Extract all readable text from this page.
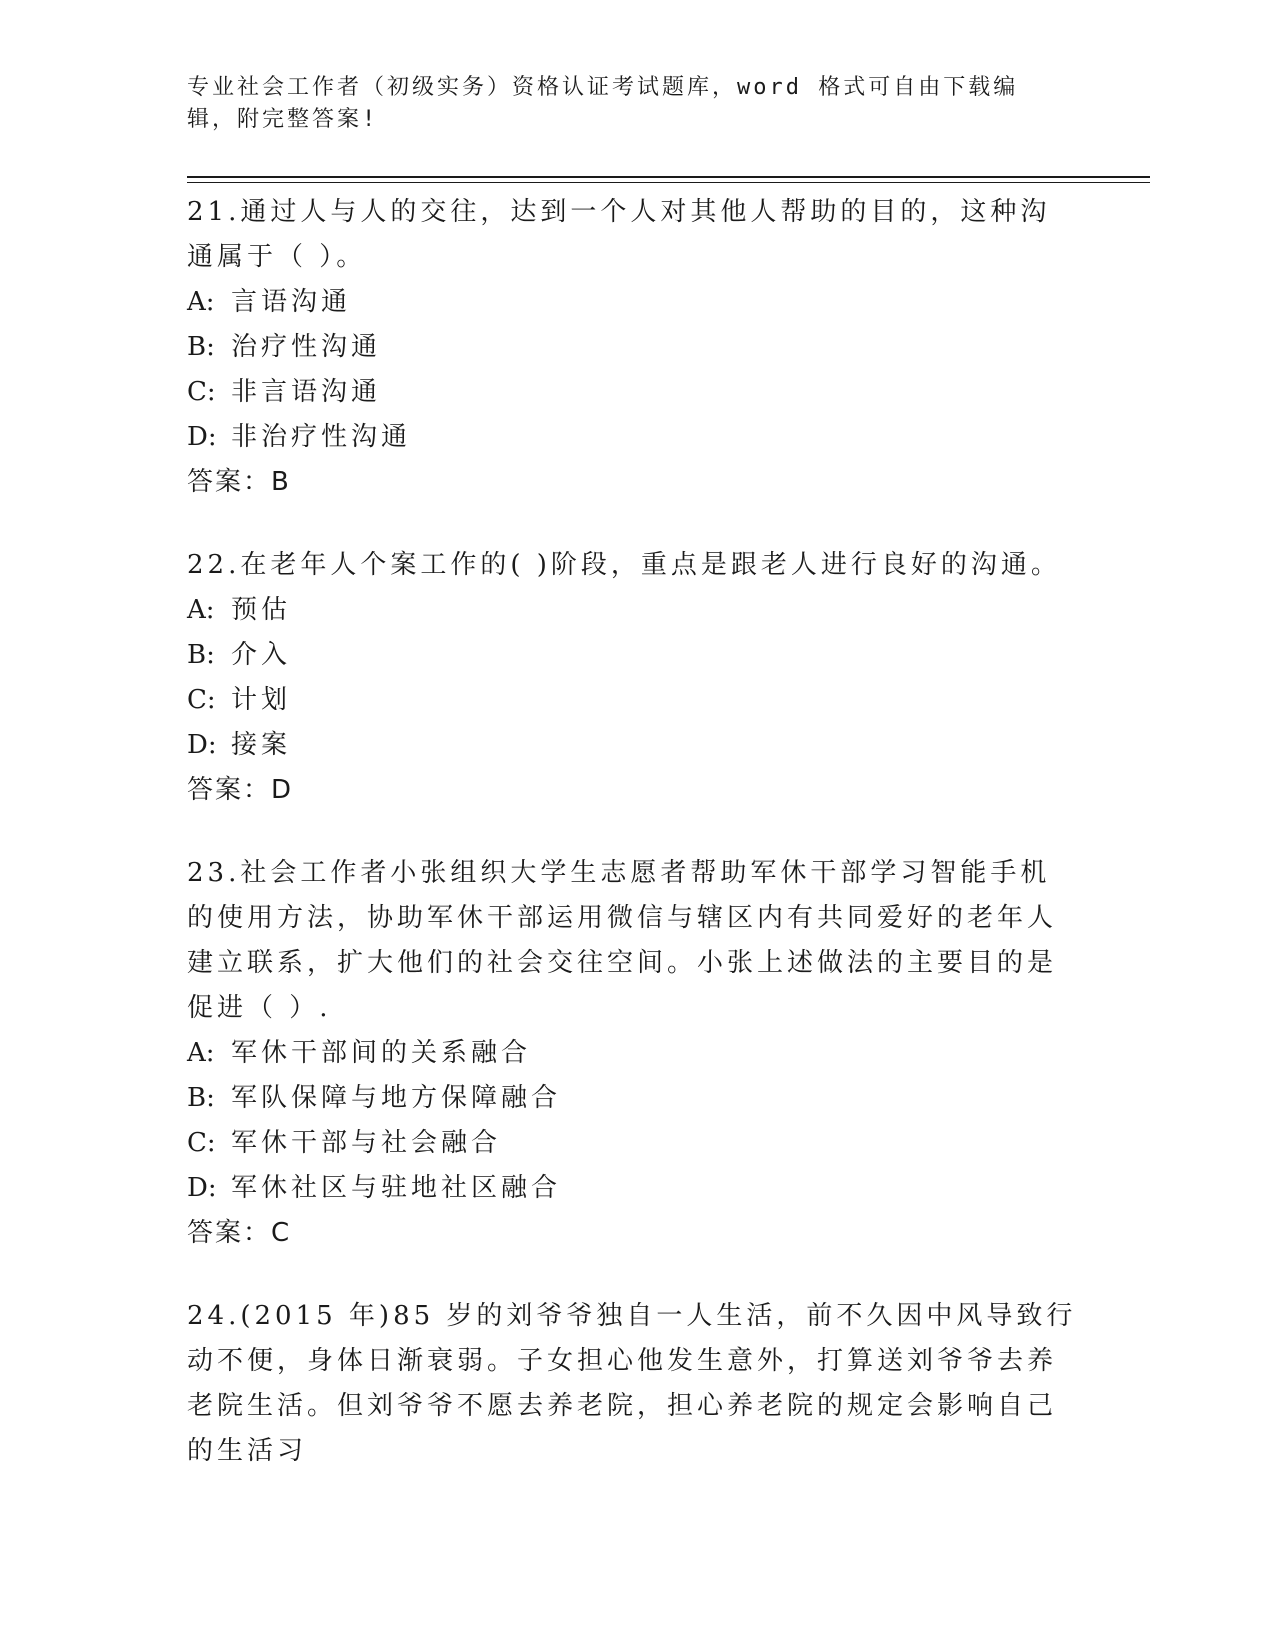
专业社会工作者（初级实务）资格认证考试题库，word 格式可自由下载编辑，附完整答案!

21.通过人与人的交往，达到一个人对其他人帮助的目的，这种沟通属于（ ）。

A: 言语沟通

B: 治疗性沟通

C: 非言语沟通

D: 非治疗性沟通

答案：B

22.在老年人个案工作的( )阶段，重点是跟老人进行良好的沟通。

A: 预估

B: 介入

C: 计划

D: 接案

答案：D

23.社会工作者小张组织大学生志愿者帮助军休干部学习智能手机的使用方法，协助军休干部运用微信与辖区内有共同爱好的老年人建立联系，扩大他们的社会交往空间。小张上述做法的主要目的是促进（ ）.

A: 军休干部间的关系融合

B: 军队保障与地方保障融合

C: 军休干部与社会融合

D: 军休社区与驻地社区融合

答案：C

24.(2015 年)85 岁的刘爷爷独自一人生活，前不久因中风导致行动不便，身体日渐衰弱。子女担心他发生意外，打算送刘爷爷去养老院生活。但刘爷爷不愿去养老院，担心养老院的规定会影响自己的生活习
